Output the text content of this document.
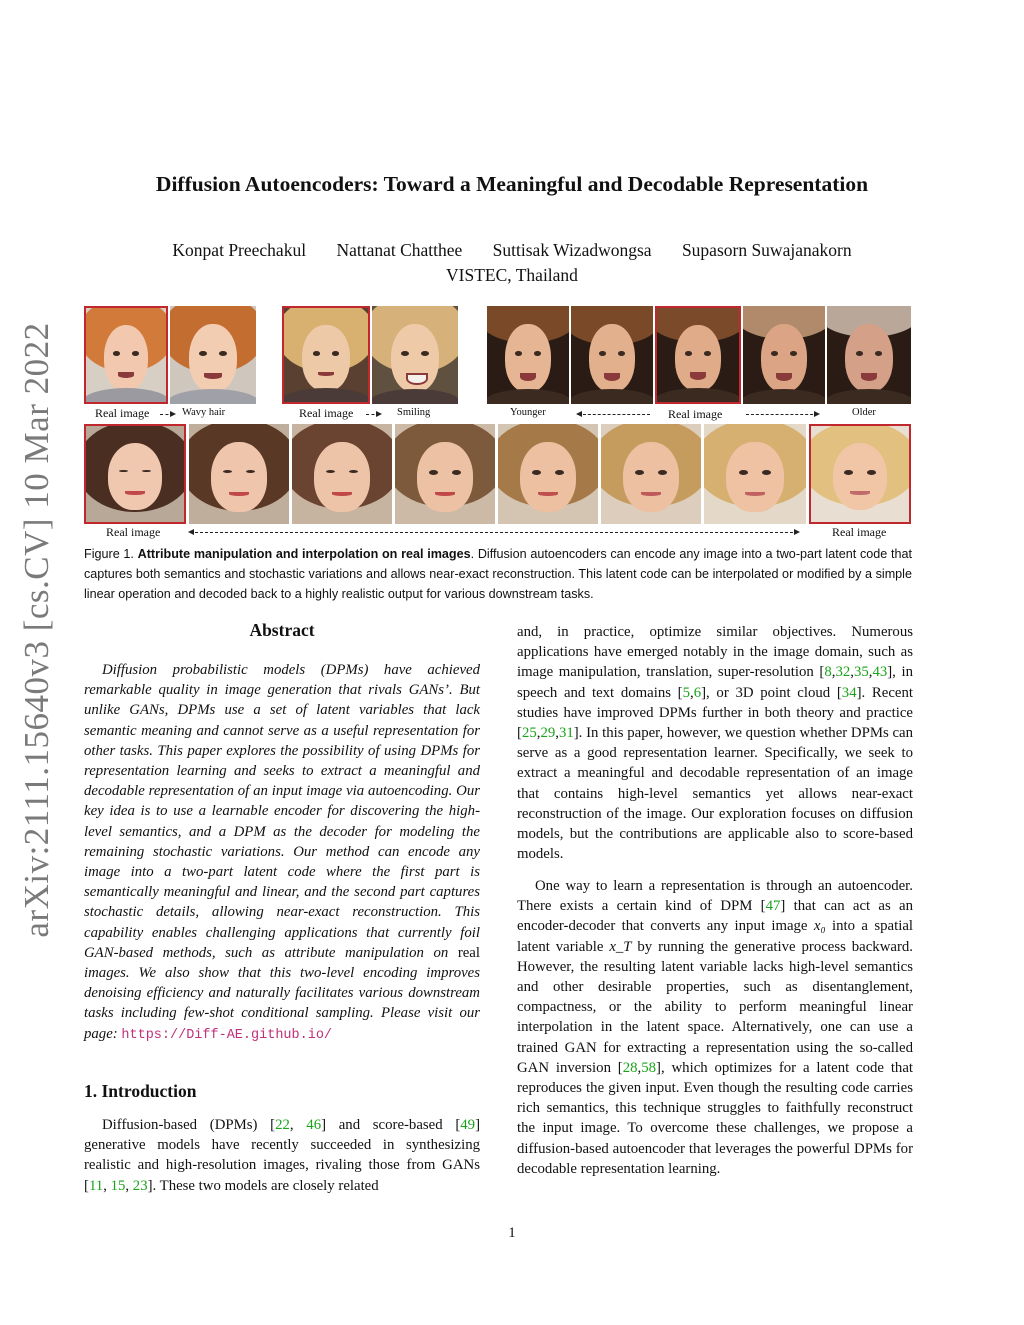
arXiv:2111.15640v3 [cs.CV] 10 Mar 2022
Diffusion Autoencoders: Toward a Meaningful and Decodable Representation
Konpat Preechakul Nattanat Chatthee Suttisak Wizadwongsa Supasorn Suwajanakorn
VISTEC, Thailand
Real image	Wavy hair	Real image	Smiling	Younger	Real image	Older
Real image	Real image
Figure 1. Attribute manipulation and interpolation on real images. Diffusion autoencoders can encode any image into a two-part latent code that captures both semantics and stochastic variations and allows near-exact reconstruction. This latent code can be interpolated or modified by a simple linear operation and decoded back to a highly realistic output for various downstream tasks.
Abstract
Diffusion probabilistic models (DPMs) have achieved remarkable quality in image generation that rivals GANs’. But unlike GANs, DPMs use a set of latent variables that lack semantic meaning and cannot serve as a useful representation for other tasks. This paper explores the possibility of using DPMs for representation learning and seeks to extract a meaningful and decodable representation of an input image via autoencoding. Our key idea is to use a learnable encoder for discovering the high-level semantics, and a DPM as the decoder for modeling the remaining stochastic variations. Our method can encode any image into a two-part latent code where the first part is semantically meaningful and linear, and the second part captures stochastic details, allowing near-exact reconstruction. This capability enables challenging applications that currently foil GAN-based methods, such as attribute manipulation on real images. We also show that this two-level encoding improves denoising efficiency and naturally facilitates various downstream tasks including few-shot conditional sampling. Please visit our page: https://Diff-AE.github.io/
1. Introduction

Diffusion-based (DPMs) [22, 46] and score-based [49] generative models have recently succeeded in synthesizing realistic and high-resolution images, rivaling those from GANs [11, 15, 23]. These two models are closely related

and, in practice, optimize similar objectives. Numerous applications have emerged notably in the image domain, such as image manipulation, translation, super-resolution [8,32,35,43], in speech and text domains [5,6], or 3D point cloud [34]. Recent studies have improved DPMs further in both theory and practice [25,29,31]. In this paper, however, we question whether DPMs can serve as a good representation learner. Specifically, we seek to extract a meaningful and decodable representation of an image that contains high-level semantics yet allows near-exact reconstruction of the image. Our exploration focuses on diffusion models, but the contributions are applicable also to score-based models.

One way to learn a representation is through an autoencoder. There exists a certain kind of DPM [47] that can act as an encoder-decoder that converts any input image x₀ into a spatial latent variable x_T by running the generative process backward. However, the resulting latent variable lacks high-level semantics and other desirable properties, such as disentanglement, compactness, or the ability to perform meaningful linear interpolation in the latent space. Alternatively, one can use a trained GAN for extracting a representation using the so-called GAN inversion [28,58], which optimizes for a latent code that reproduces the given input. Even though the resulting code carries rich semantics, this technique struggles to faithfully reconstruct the input image. To overcome these challenges, we propose a diffusion-based autoencoder that leverages the powerful DPMs for decodable representation learning.
1
